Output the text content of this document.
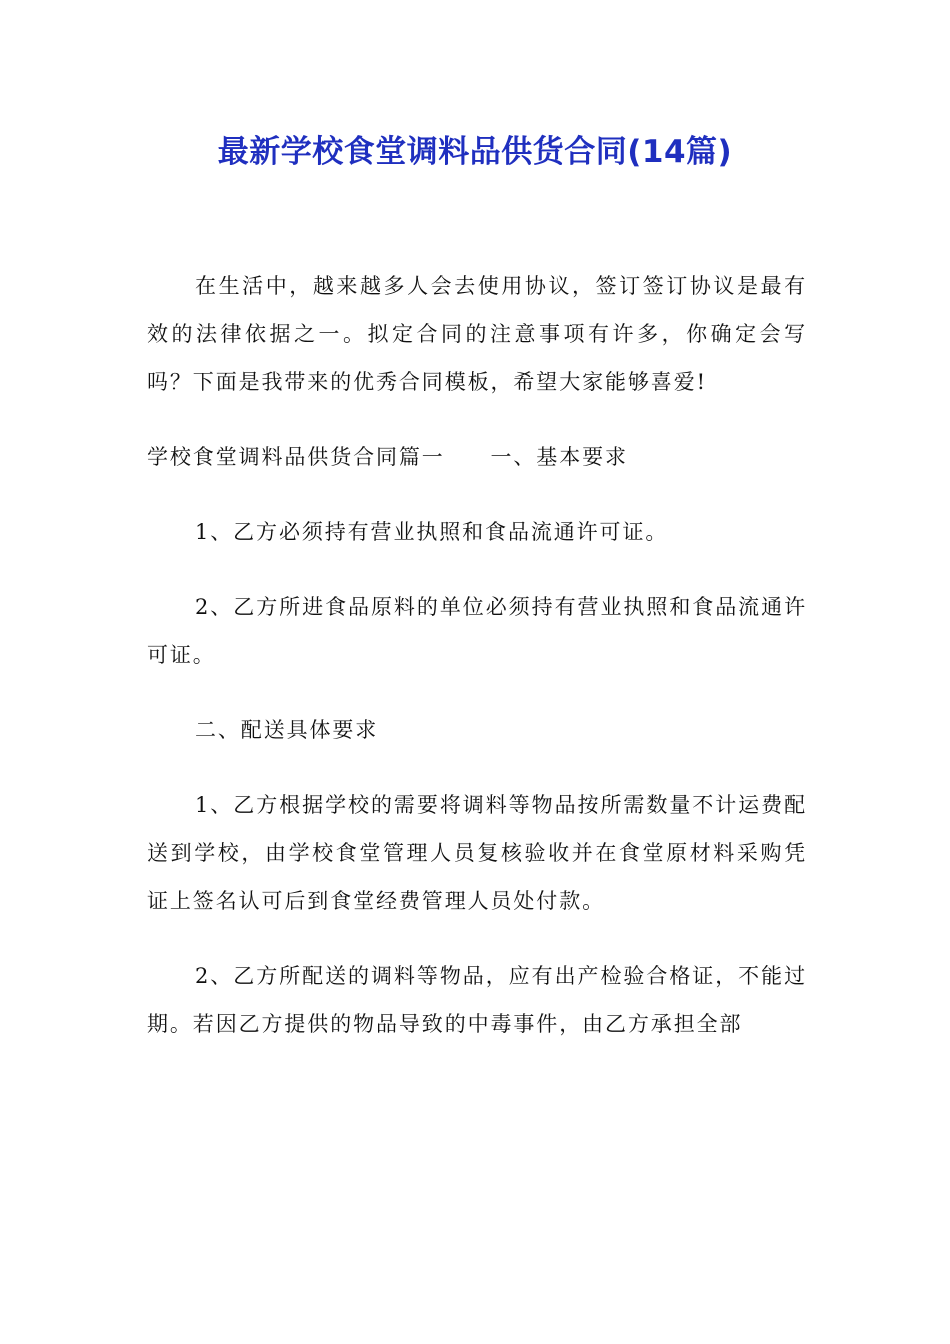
最新学校食堂调料品供货合同(14篇)

在生活中，越来越多人会去使用协议，签订签订协议是最有效的法律依据之一。拟定合同的注意事项有许多，你确定会写吗？下面是我带来的优秀合同模板，希望大家能够喜爱!

学校食堂调料品供货合同篇一　　一、基本要求

1、乙方必须持有营业执照和食品流通许可证。

2、乙方所进食品原料的单位必须持有营业执照和食品流通许可证。

二、配送具体要求

1、乙方根据学校的需要将调料等物品按所需数量不计运费配送到学校，由学校食堂管理人员复核验收并在食堂原材料采购凭证上签名认可后到食堂经费管理人员处付款。

2、乙方所配送的调料等物品，应有出产检验合格证，不能过期。若因乙方提供的物品导致的中毒事件，由乙方承担全部
